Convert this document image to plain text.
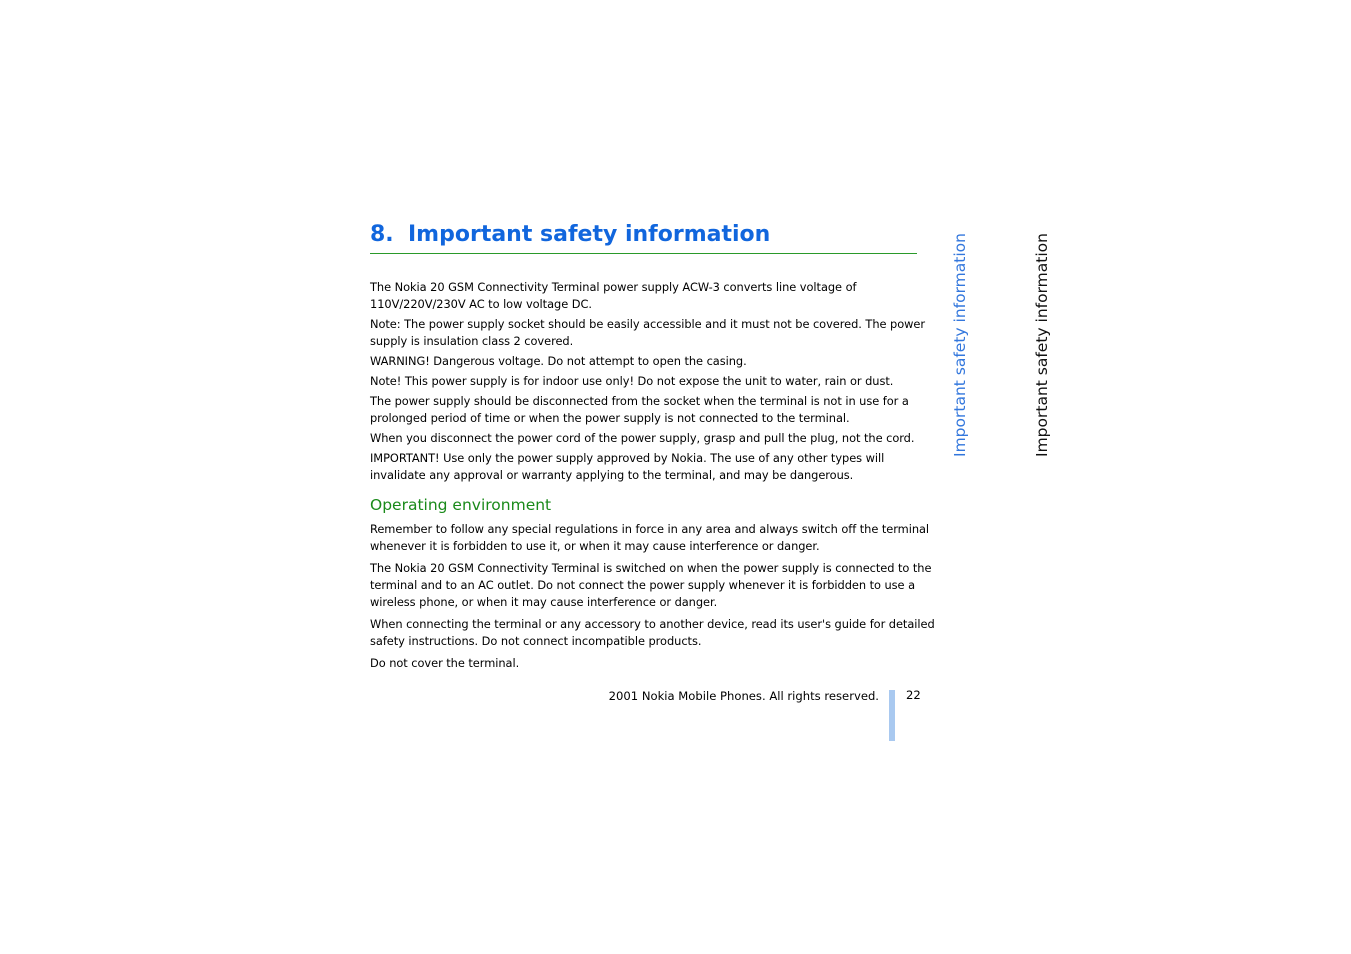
8. Important safety information

The Nokia 20 GSM Connectivity Terminal power supply ACW-3 converts line voltage of 110V/220V/230V AC to low voltage DC.

Note: The power supply socket should be easily accessible and it must not be covered. The power supply is insulation class 2 covered.

WARNING! Dangerous voltage. Do not attempt to open the casing.

Note! This power supply is for indoor use only! Do not expose the unit to water, rain or dust.

The power supply should be disconnected from the socket when the terminal is not in use for a prolonged period of time or when the power supply is not connected to the terminal.

When you disconnect the power cord of the power supply, grasp and pull the plug, not the cord.

IMPORTANT! Use only the power supply approved by Nokia. The use of any other types will invalidate any approval or warranty applying to the terminal, and may be dangerous.

Operating environment

Remember to follow any special regulations in force in any area and always switch off the terminal whenever it is forbidden to use it, or when it may cause interference or danger.

The Nokia 20 GSM Connectivity Terminal is switched on when the power supply is connected to the terminal and to an AC outlet. Do not connect the power supply whenever it is forbidden to use a wireless phone, or when it may cause interference or danger.

When connecting the terminal or any accessory to another device, read its user's guide for detailed safety instructions. Do not connect incompatible products.

Do not cover the terminal.

2001 Nokia Mobile Phones. All rights reserved. 22
Important safety information	Important safety information
